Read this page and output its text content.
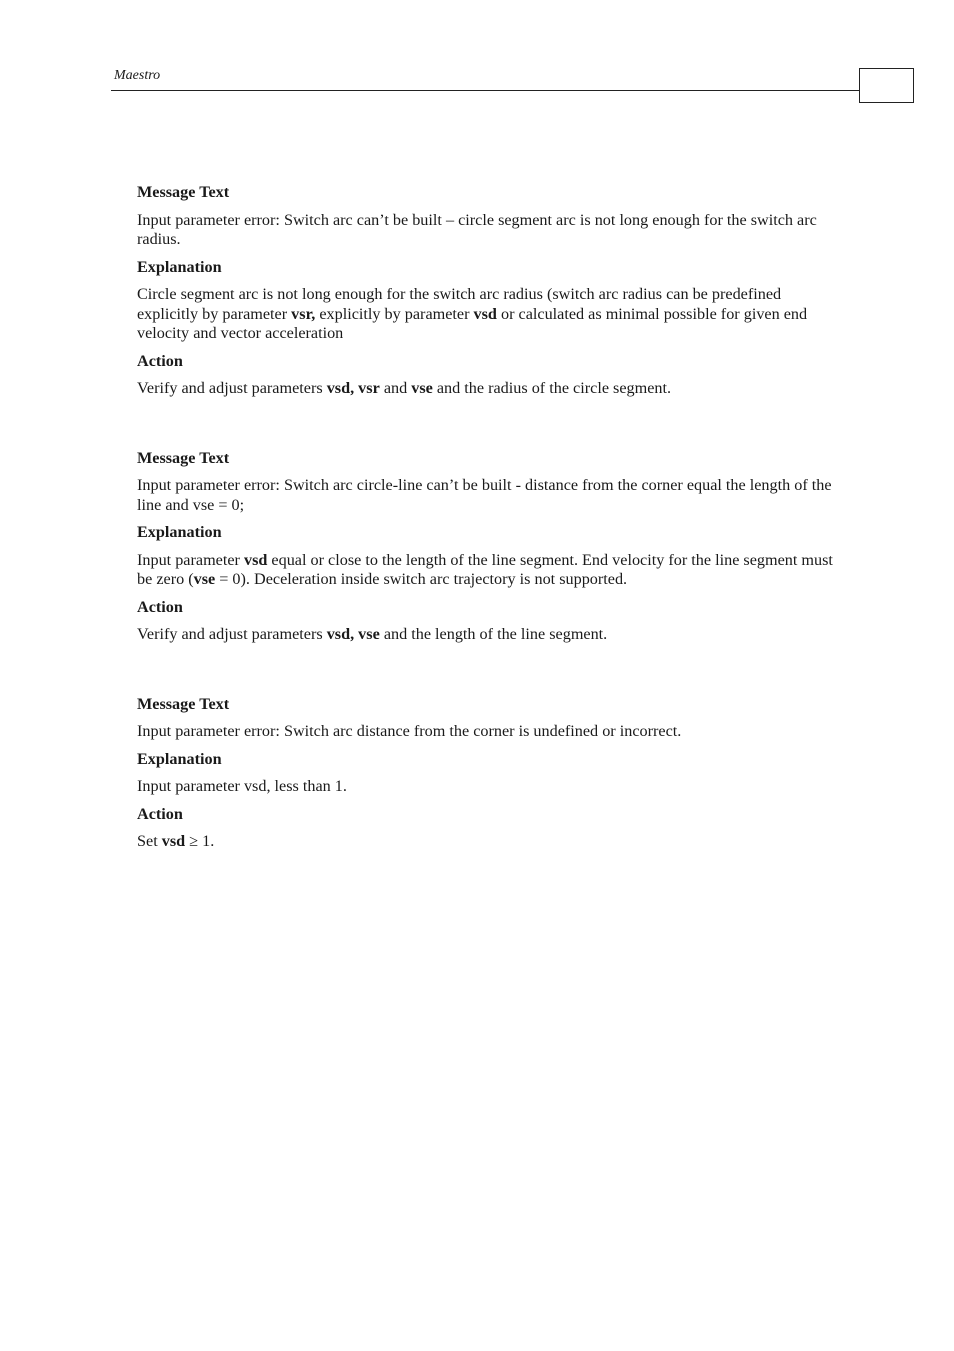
Maestro
Message Text
Input parameter error: Switch arc can’t be built – circle segment arc is not long enough for the switch arc radius.
Explanation
Circle segment arc is not long enough for the switch arc radius (switch arc radius can be predefined explicitly by parameter vsr, explicitly by parameter vsd or calculated as minimal possible for given end velocity and vector acceleration
Action
Verify and adjust parameters vsd, vsr and vse and the radius of the circle segment.
Message Text
Input parameter error: Switch arc circle-line can’t be built - distance from the corner equal the length of the line and vse = 0;
Explanation
Input parameter vsd equal or close to the length of the line segment. End velocity for the line segment must be zero (vse = 0). Deceleration inside switch arc trajectory is not supported.
Action
Verify and adjust parameters vsd, vse and the length of the line segment.
Message Text
Input parameter error: Switch arc distance from the corner is undefined or incorrect.
Explanation
Input parameter vsd, less than 1.
Action
Set vsd ≥ 1.
